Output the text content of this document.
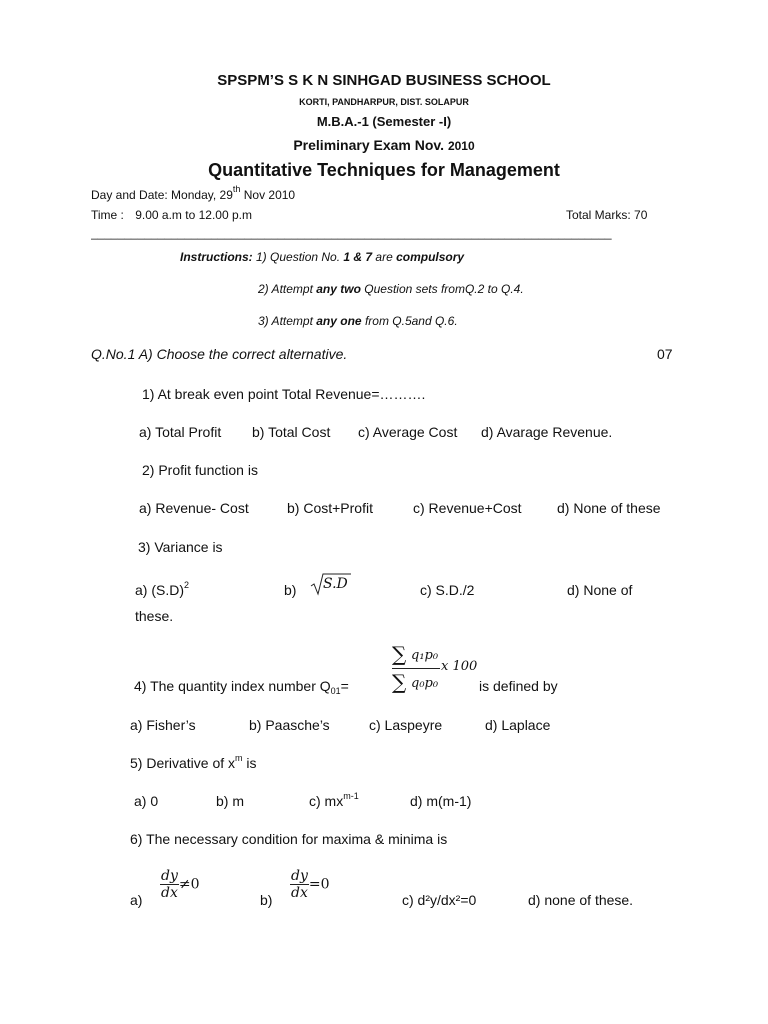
SPSPM’S S K N SINHGAD BUSINESS SCHOOL
KORTI, PANDHARPUR, DIST. SOLAPUR
M.B.A.-1 (Semester -I)
Preliminary Exam Nov. 2010
Quantitative Techniques for Management
Day and Date: Monday, 29th Nov 2010
Time : 9.00 a.m to 12.00 p.m	Total Marks: 70
______________________________________________________________________________
Instructions: 1) Question No. 1 & 7 are compulsory
2) Attempt any two Question sets fromQ.2 to Q.4.
3) Attempt any one from Q.5and Q.6.
Q.No.1 A) Choose the correct alternative.	07
1) At break even point Total Revenue=……….
a) Total Profit b) Total Cost c) Average Cost d) Avarage Revenue.
2) Profit function is
a) Revenue- Cost	b) Cost+Profit	c) Revenue+Cost	d) None of these
3) Variance is
a) $(S.D)^2$	b) S.D	c) S.D./2	d) None of
these.
4) The quantity index number $Q_{01}=$
∑ q₁p₀
x 100
∑ q₀p₀	is defined by
a) Fisher’s	b) Paasche’s	c) Laspeyre	d) Laplace
5) Derivative of $x^m$ is
a) 0	b) m	c) $mx^{m-1}$	d) m(m-1)
6) The necessary condition for maxima & minima is
$a) \frac{dy}{dx} \ne 0$
$b) \frac{dy}{dx} =0$
c) d²y/dx²=0	d) none of these.
